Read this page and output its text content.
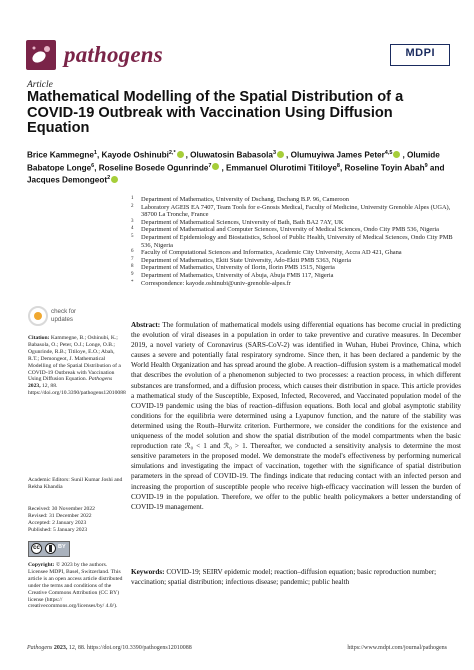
pathogens	MDPI
Article
Mathematical Modelling of the Spatial Distribution of a COVID-19 Outbreak with Vaccination Using Diffusion Equation
Brice Kammegne$^1$, Kayode Oshinubi$^{2,*}$ , Oluwatosin Babasola$^3$ , Olumuyiwa James Peter$^{4,5}$ , Olumide Babatope Longe$^6$, Roseline Bosede Ogunrinde$^7$ , Emmanuel Olurotimi Titiloye$^8$, Roseline Toyin Abah$^9$ and Jacques Demongeot$^2$
1 Department of Mathematics, University of Dschang, Dschang B.P. 96, Cameroon
2 Laboratory AGEIS EA 7407, Team Tools for e-Gnosis Medical, Faculty of Medicine, University Grenoble Alpes (UGA), 38700 La Tronche, France
3 Department of Mathematical Sciences, University of Bath, Bath BA2 7AY, UK
4 Department of Mathematical and Computer Sciences, University of Medical Sciences, Ondo City PMB 536, Nigeria
5 Department of Epidemiology and Biostatistics, School of Public Health, University of Medical Sciences, Ondo City PMB 536, Nigeria
6 Faculty of Computational Sciences and Informatics, Academic City University, Accra AD 421, Ghana
7 Department of Mathematics, Ekiti State University, Ado-Ekiti PMB 5363, Nigeria
8 Department of Mathematics, University of Ilorin, Ilorin PMB 1515, Nigeria
9 Department of Mathematics, University of Abuja, Abuja FMB 117, Nigeria
* Correspondence: kayode.oshinubi@univ-grenoble-alpes.fr
check for
updates
Citation: Kammegne, B.; Oshinubi, K.; Babasola, O.; Peter, O.J.; Longe, O.B.; Ogunrinde, R.B.; Titiloye, E.O.; Abah, R.T.; Demongeot, J. Mathematical Modelling of the Spatial Distribution of a COVID-19 Outbreak with Vaccination Using Diffusion Equation. Pathogens 2023, 12, 88. https://doi.org/10.3390/pathogens12010088
Academic Editors: Sunil Kumar Joshi and Rekha Khandia
Received: 30 November 2022
Revised: 31 December 2022
Accepted: 2 January 2023
Published: 5 January 2023
cc	BY
Copyright: © 2023 by the authors. Licensee MDPI, Basel, Switzerland. This article is an open access article distributed under the terms and conditions of the Creative Commons Attribution (CC BY) license (https:// creativecommons.org/licenses/by/ 4.0/).

Abstract: The formulation of mathematical models using differential equations has become crucial in predicting the evolution of viral diseases in a population in order to take preventive and curative measures. In December 2019, a novel variety of Coronavirus (SARS-CoV-2) was identified in Wuhan, Hubei Province, China, which causes a severe and potentially fatal respiratory syndrome. Since then, it has been declared a pandemic by the World Health Organization and has spread around the globe. A reaction–diffusion system is a mathematical model that describes the evolution of a phenomenon subjected to two processes: a reaction process, in which different substances are transformed, and a diffusion process, which causes their distribution in space. This article provides a mathematical study of the Susceptible, Exposed, Infected, Recovered, and Vaccinated population model of the COVID-19 pandemic using the bias of reaction–diffusion equations. Both local and global asymptotic stability conditions for the equilibria were determined using a Lyapunov function, and the nature of the stability was determined using the Routh–Hurwitz criterion. Furthermore, we consider the conditions for the existence and uniqueness of the model solution and show the spatial distribution of the model compartments when the basic reproduction rate ℛ₀ < 1 and ℛ₀ > 1. Thereafter, we conducted a sensitivity analysis to determine the most sensitive parameters in the proposed model. We demonstrate the model's effectiveness by performing numerical simulations and investigating the impact of vaccination, together with the significance of spatial distribution parameters in the spread of COVID-19. The findings indicate that reducing contact with an infected person and increasing the proportion of susceptible people who receive high-efficacy vaccination will lessen the burden of COVID-19 in the population. Therefore, we offer to the public health policymakers a better understanding of COVID-19 management.

Keywords: COVID-19; SEIRV epidemic model; reaction–diffusion equation; basic reproduction number; vaccination; spatial distribution; infectious disease; pandemic; public health

Pathogens 2023, 12, 88. https://doi.org/10.3390/pathogens12010088	https://www.mdpi.com/journal/pathogens
